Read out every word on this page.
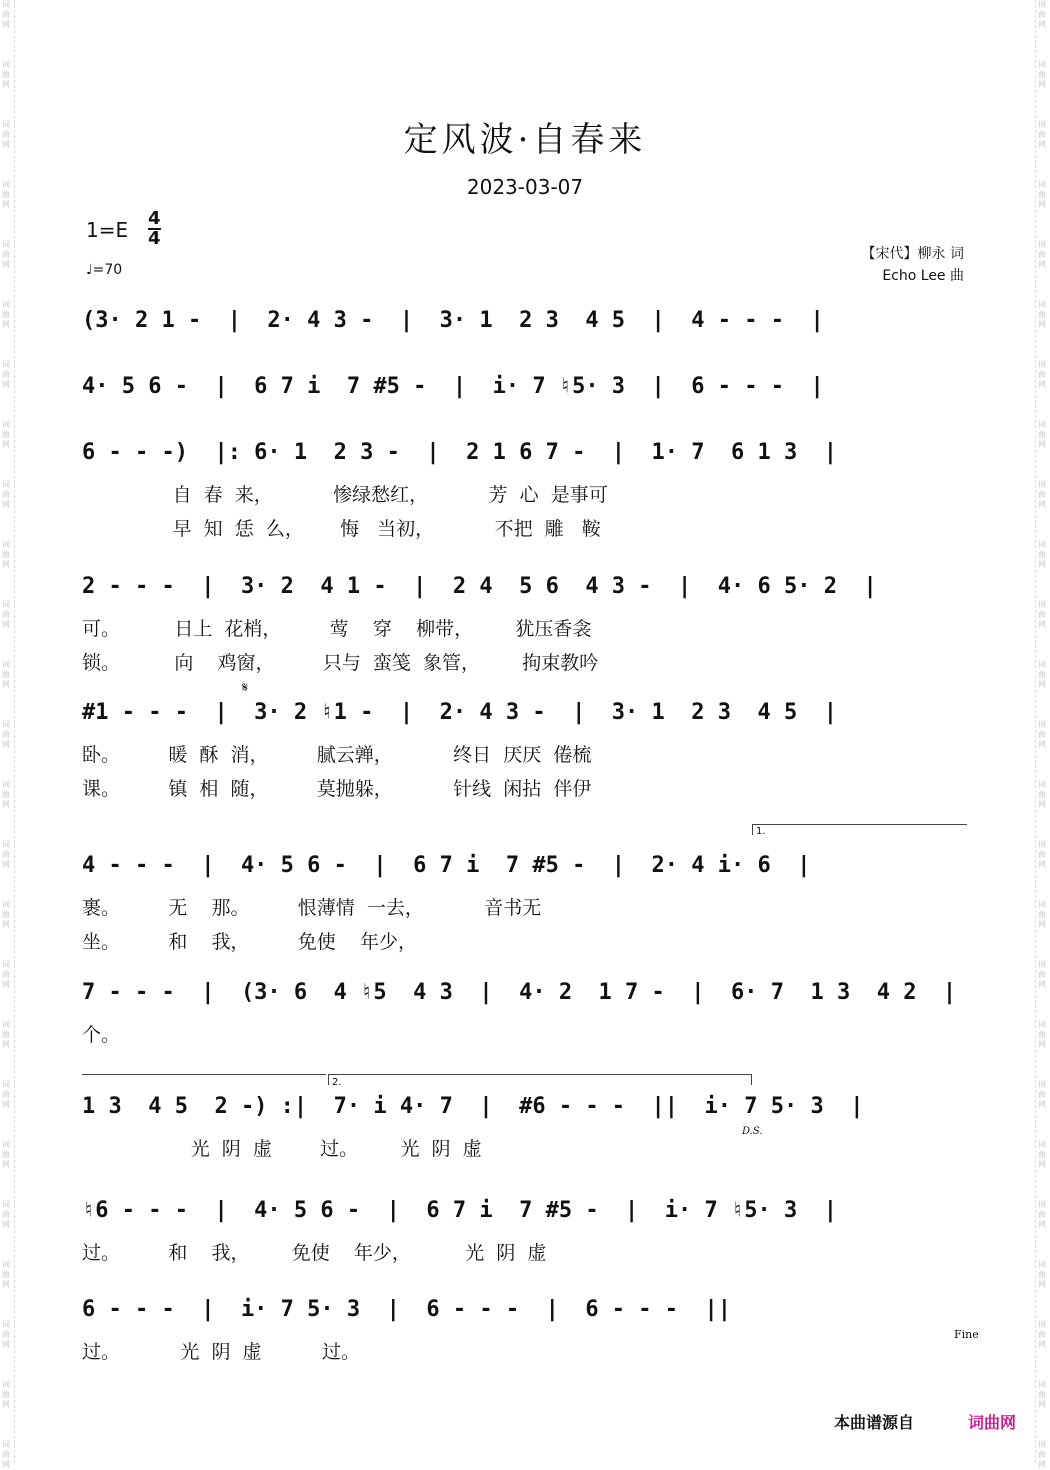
词曲网
词曲网
词曲网
词曲网
词曲网
词曲网
词曲网
词曲网
词曲网
词曲网
词曲网
词曲网
词曲网
词曲网
词曲网
词曲网
词曲网
词曲网
词曲网
词曲网
词曲网
词曲网
词曲网
词曲网
词曲网
词曲网
词曲网
词曲网
词曲网
词曲网
词曲网
词曲网
词曲网
词曲网
词曲网
词曲网
词曲网
词曲网
词曲网
词曲网
词曲网
词曲网
词曲网
词曲网
词曲网
词曲网
词曲网
词曲网
词曲网
词曲网
定风波·自春来
2023-03-07
1=E 4
4
♩=70
【宋代】柳永 词
Echo Lee 曲
(3· 2 1 -  |  2· 4 3 -  |  3· 1  2 3  4 5  |  4 - - -  |
4· 5 6 -  |  6 7 i  7 #5 -  |  i· 7 ♮5· 3  |  6 - - -  |
6 - - -)  |: 6· 1  2 3 -  |  2 1 6 7 -  |  1· 7  6 1 3  |
自  春  来，          惨绿愁红，          芳  心  是事可
早  知  恁  么，      悔   当初，          不把  雕   鞍
2 - - -  |  3· 2  4 1 -  |  2 4  5 6  4 3 -  |  4· 6 5· 2  |
可。         日上  花梢，        莺    穿    柳带，       犹压香衾
锁。         向    鸡窗，        只与  蛮笺  象管，       拘束教吟
#1 - - -  |  3· 2 ♮1 -  |  2· 4 3 -  |  3· 1  2 3  4 5  |
卧。        暖  酥  消，        腻云亸，          终日  厌厌  倦梳
课。        镇  相  随，        莫抛躲，          针线  闲拈  伴伊
4 - - -  |  4· 5 6 -  |  6 7 i  7 #5 -  |  2· 4 i· 6  |
裹。        无    那。        恨薄情  一去，          音书无
坐。        和    我，        免使    年少，
7 - - -  |  (3· 6  4 ♮5  4 3  |  4· 2  1 7 -  |  6· 7  1 3  4 2  |
个。
1 3  4 5  2 -) :|  7· i 4· 7  |  #6 - - -  ||  i· 7 5· 3  |
光  阴  虚        过。       光  阴  虚
♮6 - - -  |  4· 5 6 -  |  6 7 i  7 #5 -  |  i· 7 ♮5· 3  |
过。        和    我，       免使    年少，         光  阴  虚
6 - - -  |  i· 7 5· 3  |  6 - - -  |  6 - - -  ||
过。          光  阴  虚          过。
𝄋
1.
2.
D.S.
Fine
本曲谱源自	词曲网
